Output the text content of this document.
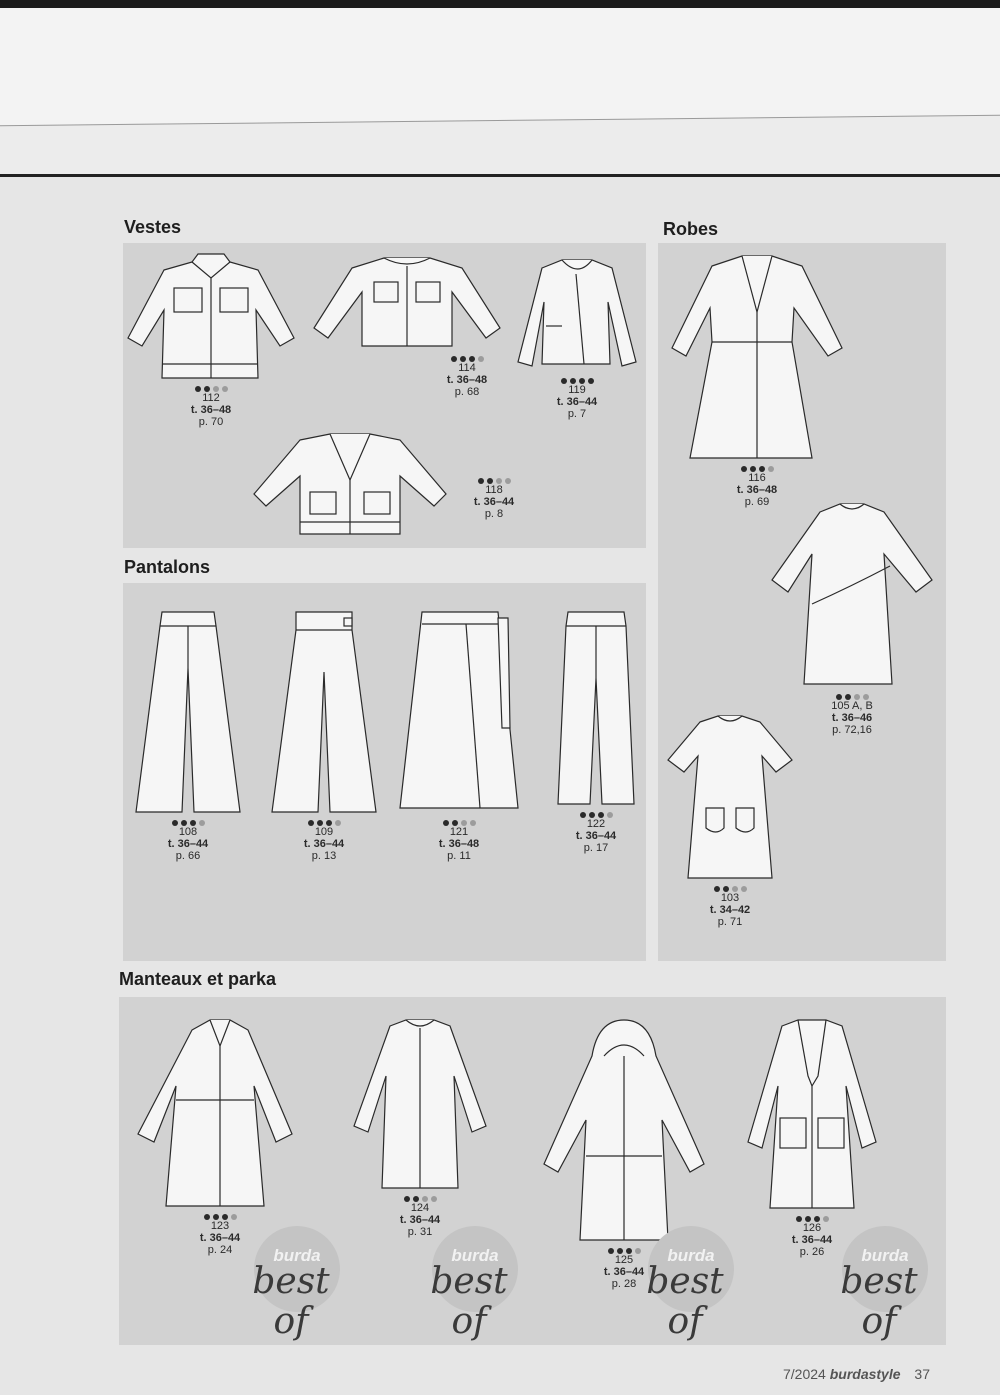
Vestes	Robes
Pantalons
Manteaux et parka
112
t. 36–48
p. 70
114
t. 36–48
p. 68	119
t. 36–44
p. 7
118
t. 36–44
p. 8
116
t. 36–48
p. 69
105 A, B
t. 36–46
p. 72,16
103
t. 34–42
p. 71
108
t. 36–44
p. 66
109
t. 36–44
p. 13
121
t. 36–48
p. 11
122
t. 36–44
p. 17
123
t. 36–44
p. 24
124
t. 36–44
p. 31
125
t. 36–44
p. 28
126
t. 36–44
p. 26
burda
best of
burda
best of
burda
best of
burda
best of
7/2024 burdastyle 37
